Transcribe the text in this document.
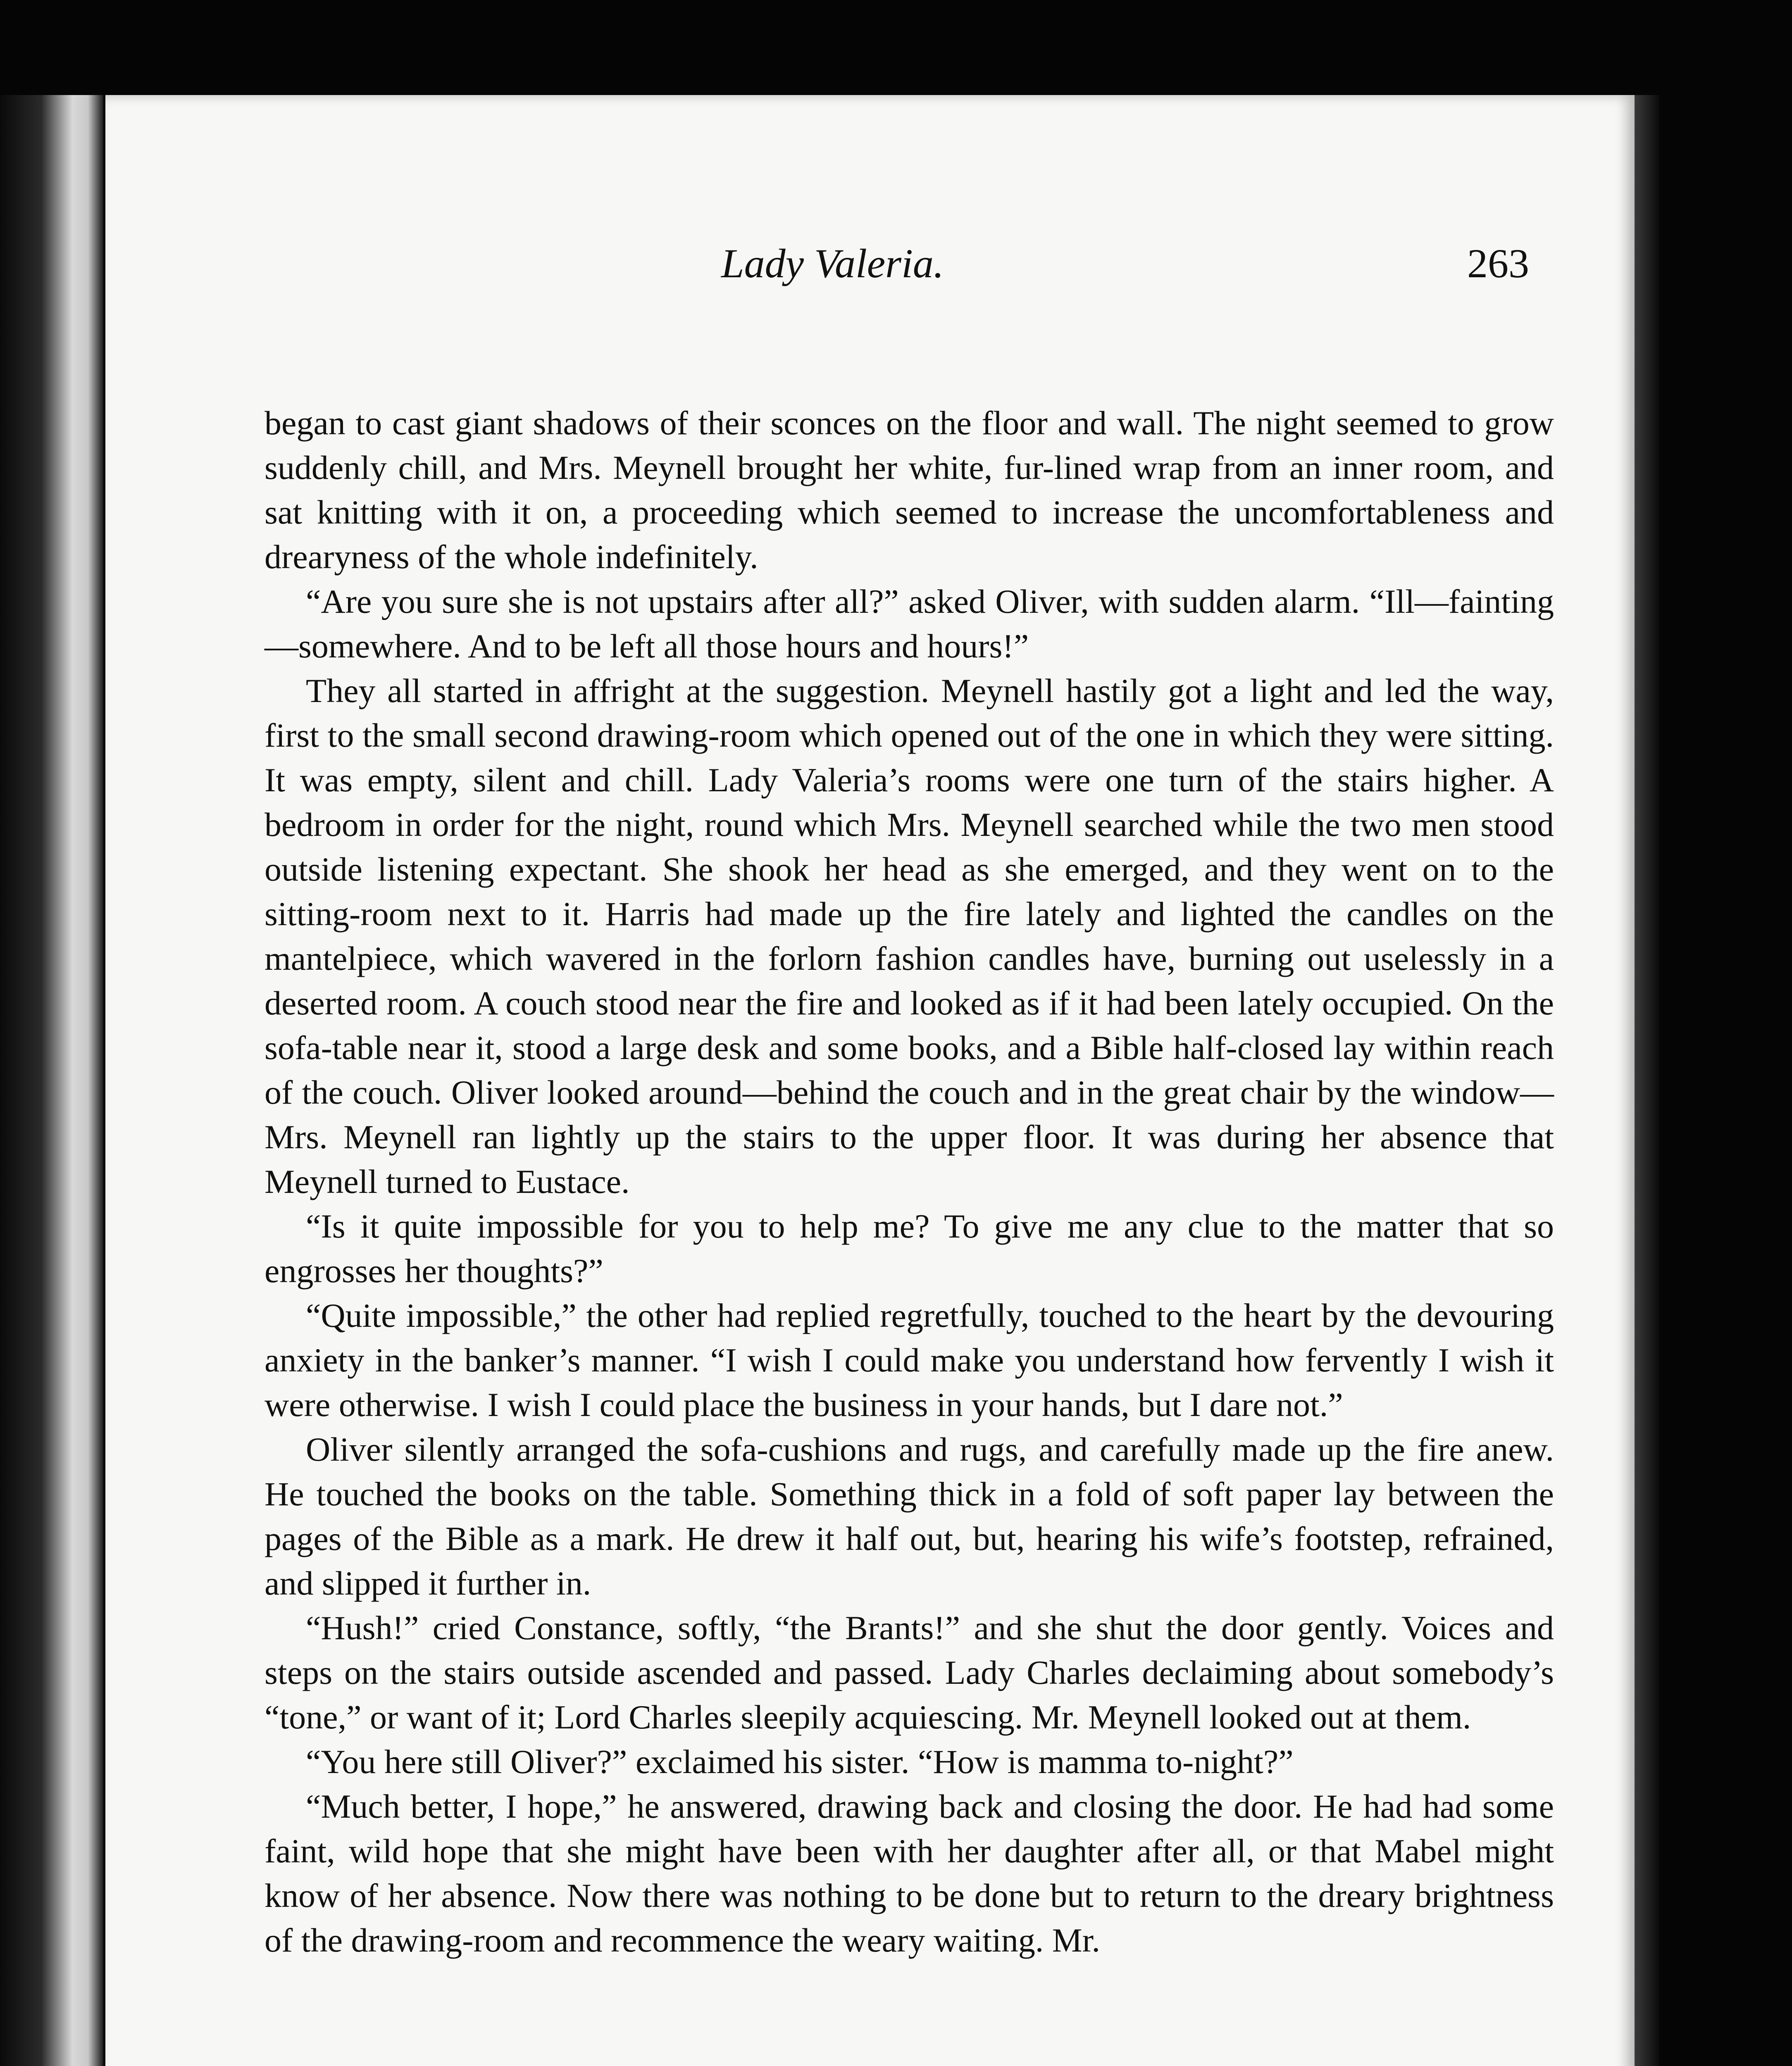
Lady Valeria.	263

began to cast giant shadows of their sconces on the floor and wall. The night seemed to grow suddenly chill, and Mrs. Meynell brought her white, fur-lined wrap from an inner room, and sat knitting with it on, a proceeding which seemed to increase the uncomfortableness and drearyness of the whole indefinitely.

“Are you sure she is not upstairs after all?” asked Oliver, with sudden alarm. “Ill—fainting—somewhere. And to be left all those hours and hours!”

They all started in affright at the suggestion. Meynell hastily got a light and led the way, first to the small second drawing-room which opened out of the one in which they were sitting. It was empty, silent and chill. Lady Valeria’s rooms were one turn of the stairs higher. A bedroom in order for the night, round which Mrs. Meynell searched while the two men stood outside listening expectant. She shook her head as she emerged, and they went on to the sitting-room next to it. Harris had made up the fire lately and lighted the candles on the mantelpiece, which wavered in the forlorn fashion candles have, burning out uselessly in a deserted room. A couch stood near the fire and looked as if it had been lately occupied. On the sofa-table near it, stood a large desk and some books, and a Bible half-closed lay within reach of the couch. Oliver looked around—behind the couch and in the great chair by the window—Mrs. Meynell ran lightly up the stairs to the upper floor. It was during her absence that Meynell turned to Eustace.

“Is it quite impossible for you to help me? To give me any clue to the matter that so engrosses her thoughts?”

“Quite impossible,” the other had replied regretfully, touched to the heart by the devouring anxiety in the banker’s manner. “I wish I could make you understand how fervently I wish it were otherwise. I wish I could place the business in your hands, but I dare not.”

Oliver silently arranged the sofa-cushions and rugs, and carefully made up the fire anew. He touched the books on the table. Something thick in a fold of soft paper lay between the pages of the Bible as a mark. He drew it half out, but, hearing his wife’s footstep, refrained, and slipped it further in.

“Hush!” cried Constance, softly, “the Brants!” and she shut the door gently. Voices and steps on the stairs outside ascended and passed. Lady Charles declaiming about somebody’s “tone,” or want of it; Lord Charles sleepily acquiescing. Mr. Meynell looked out at them.

“You here still Oliver?” exclaimed his sister. “How is mamma to-night?”

“Much better, I hope,” he answered, drawing back and closing the door. He had had some faint, wild hope that she might have been with her daughter after all, or that Mabel might know of her absence. Now there was nothing to be done but to return to the dreary brightness of the drawing-room and recommence the weary waiting. Mr.
